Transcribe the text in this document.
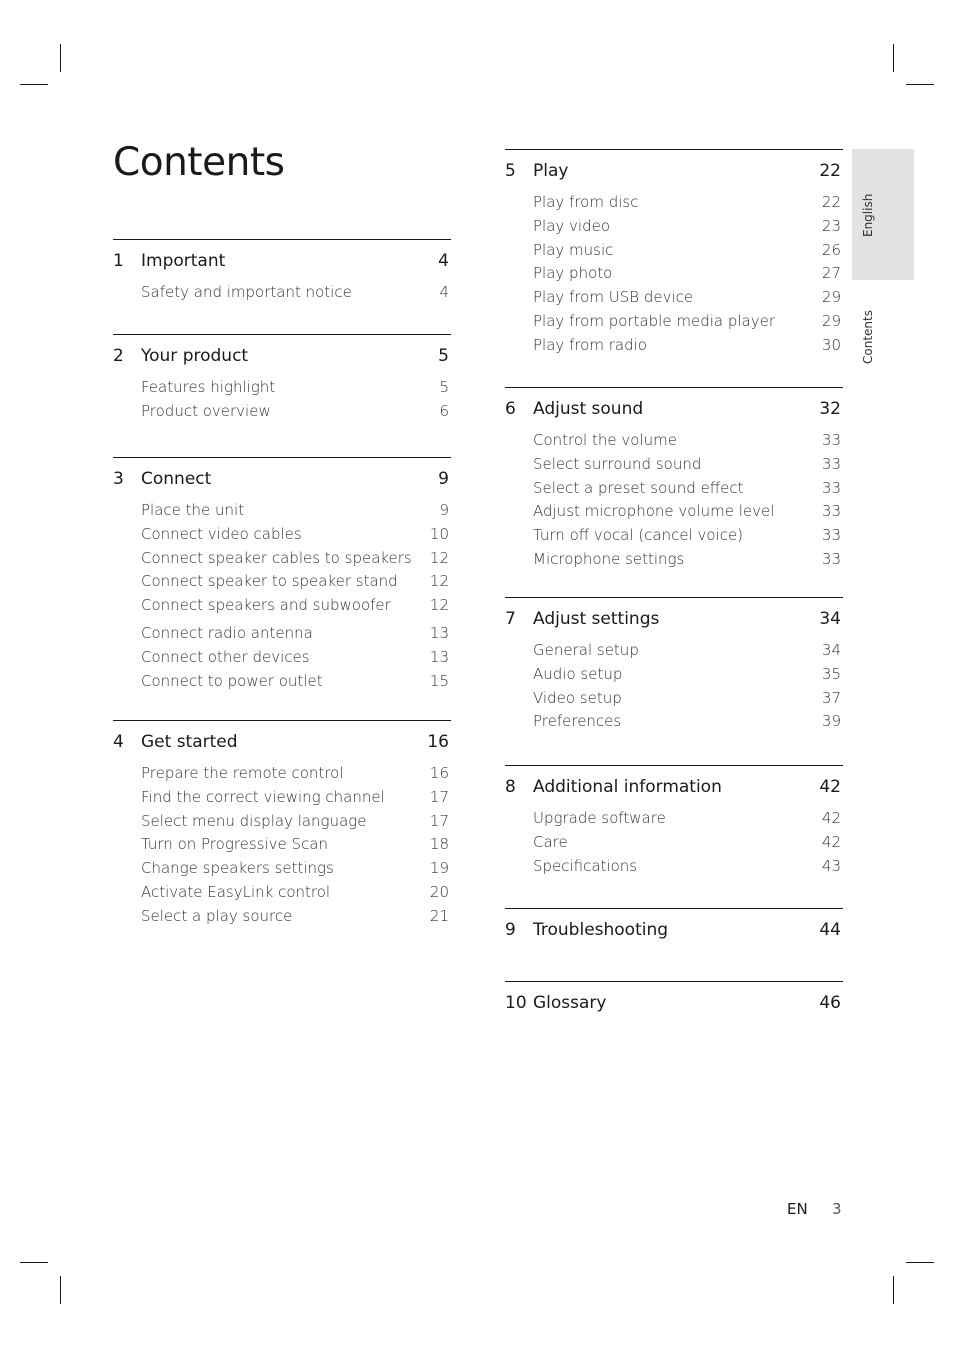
Contents
1 Important	4
Safety and important notice	4
2 Your product	5
Features highlight	5
Product overview	6
3 Connect	9
Place the unit	9
Connect video cables	10
Connect speaker cables to speakers 12
Connect speaker to speaker stand 12
Connect speakers and subwoofer	12
Connect radio antenna	13
Connect other devices	13
Connect to power outlet	15
4 Get started	16
Prepare the remote control	16
Find the correct viewing channel	17
Select menu display language	17
Turn on Progressive Scan	18
Change speakers settings	19
Activate EasyLink control	20
Select a play source	21
5 Play	22
Play from disc	22
Play video	23
Play music	26
Play photo	27
Play from USB device	29
Play from portable media player	29
Play from radio	30
6 Adjust sound	32
Control the volume	33
Select surround sound	33
Select a preset sound effect	33
Adjust microphone volume level	33
Turn off vocal (cancel voice)	33
Microphone settings	33
7 Adjust settings	34
General setup	34
Audio setup	35
Video setup	37
Preferences	39
8 Additional information	42
Upgrade software	42
Care	42
Specifications	43
9 Troubleshooting	44
10 Glossary	46
English
Contents
EN 3
